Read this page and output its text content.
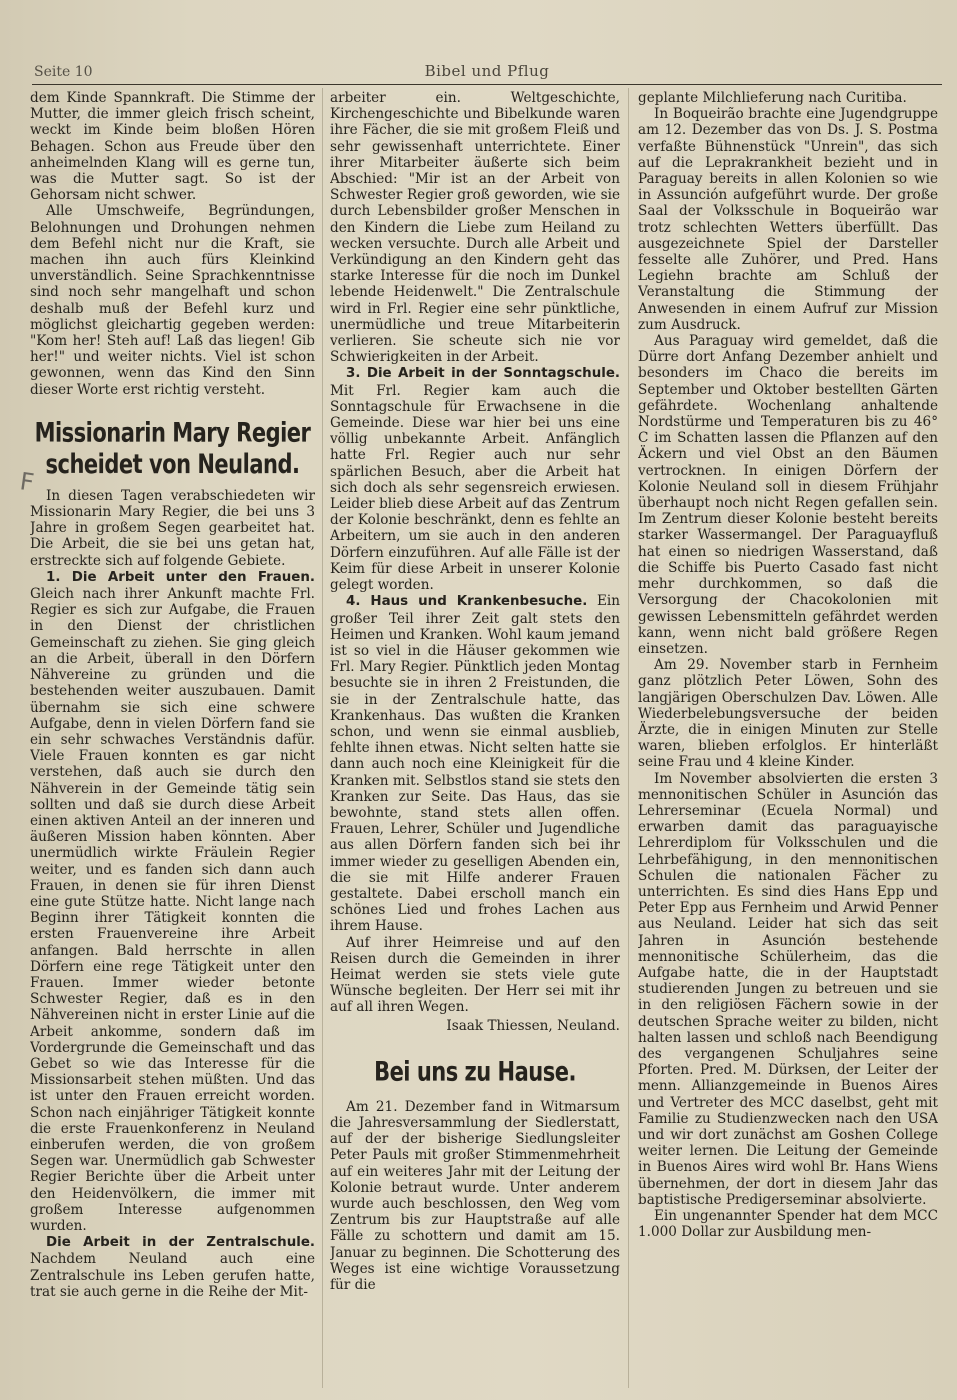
Seite 10	Bibel und Pflug
F

dem Kinde Spannkraft. Die Stimme der Mutter, die immer gleich frisch scheint, weckt im Kinde beim bloßen Hören Behagen. Schon aus Freude über den anheimelnden Klang will es gerne tun, was die Mutter sagt. So ist der Gehorsam nicht schwer.

Alle Umschweife, Begründungen, Belohnungen und Drohungen nehmen dem Befehl nicht nur die Kraft, sie machen ihn auch fürs Kleinkind unverständlich. Seine Sprachkenntnisse sind noch sehr mangelhaft und schon deshalb muß der Befehl kurz und möglichst gleichartig gegeben werden: "Kom her! Steh auf! Laß das liegen! Gib her!" und weiter nichts. Viel ist schon gewonnen, wenn das Kind den Sinn dieser Worte erst richtig versteht.

Missionarin Mary Regier scheidet von Neuland.

In diesen Tagen verabschiedeten wir Missionarin Mary Regier, die bei uns 3 Jahre in großem Segen gearbeitet hat. Die Arbeit, die sie bei uns getan hat, erstreckte sich auf folgende Gebiete.

1. Die Arbeit unter den Frauen. Gleich nach ihrer Ankunft machte Frl. Regier es sich zur Aufgabe, die Frauen in den Dienst der christlichen Gemeinschaft zu ziehen. Sie ging gleich an die Arbeit, überall in den Dörfern Nähvereine zu gründen und die bestehenden weiter auszubauen. Damit übernahm sie sich eine schwere Aufgabe, denn in vielen Dörfern fand sie ein sehr schwaches Verständnis dafür. Viele Frauen konnten es gar nicht verstehen, daß auch sie durch den Nähverein in der Gemeinde tätig sein sollten und daß sie durch diese Arbeit einen aktiven Anteil an der inneren und äußeren Mission haben könnten. Aber unermüdlich wirkte Fräulein Regier weiter, und es fanden sich dann auch Frauen, in denen sie für ihren Dienst eine gute Stütze hatte. Nicht lange nach Beginn ihrer Tätigkeit konnten die ersten Frauenvereine ihre Arbeit anfangen. Bald herrschte in allen Dörfern eine rege Tätigkeit unter den Frauen. Immer wieder betonte Schwester Regier, daß es in den Nähvereinen nicht in erster Linie auf die Arbeit ankomme, sondern daß im Vordergrunde die Gemeinschaft und das Gebet so wie das Interesse für die Missionsarbeit stehen müßten. Und das ist unter den Frauen erreicht worden. Schon nach einjähriger Tätigkeit konnte die erste Frauenkonferenz in Neuland einberufen werden, die von großem Segen war. Unermüdlich gab Schwester Regier Berichte über die Arbeit unter den Heidenvölkern, die immer mit großem Interesse aufgenommen wurden.

Die Arbeit in der Zentralschule. Nachdem Neuland auch eine Zentralschule ins Leben gerufen hatte, trat sie auch gerne in die Reihe der Mit-

arbeiter ein. Weltgeschichte, Kirchengeschichte und Bibelkunde waren ihre Fächer, die sie mit großem Fleiß und sehr gewissenhaft unterrichtete. Einer ihrer Mitarbeiter äußerte sich beim Abschied: "Mir ist an der Arbeit von Schwester Regier groß geworden, wie sie durch Lebensbilder großer Menschen in den Kindern die Liebe zum Heiland zu wecken versuchte. Durch alle Arbeit und Verkündigung an den Kindern geht das starke Interesse für die noch im Dunkel lebende Heidenwelt." Die Zentralschule wird in Frl. Regier eine sehr pünktliche, unermüdliche und treue Mitarbeiterin verlieren. Sie scheute sich nie vor Schwierigkeiten in der Arbeit.

3. Die Arbeit in der Sonntagschule. Mit Frl. Regier kam auch die Sonntagschule für Erwachsene in die Gemeinde. Diese war hier bei uns eine völlig unbekannte Arbeit. Anfänglich hatte Frl. Regier auch nur sehr spärlichen Besuch, aber die Arbeit hat sich doch als sehr segensreich erwiesen. Leider blieb diese Arbeit auf das Zentrum der Kolonie beschränkt, denn es fehlte an Arbeitern, um sie auch in den anderen Dörfern einzuführen. Auf alle Fälle ist der Keim für diese Arbeit in unserer Kolonie gelegt worden.

4. Haus und Krankenbesuche. Ein großer Teil ihrer Zeit galt stets den Heimen und Kranken. Wohl kaum jemand ist so viel in die Häuser gekommen wie Frl. Mary Regier. Pünktlich jeden Montag besuchte sie in ihren 2 Freistunden, die sie in der Zentralschule hatte, das Krankenhaus. Das wußten die Kranken schon, und wenn sie einmal ausblieb, fehlte ihnen etwas. Nicht selten hatte sie dann auch noch eine Kleinigkeit für die Kranken mit. Selbstlos stand sie stets den Kranken zur Seite. Das Haus, das sie bewohnte, stand stets allen offen. Frauen, Lehrer, Schüler und Jugendliche aus allen Dörfern fanden sich bei ihr immer wieder zu geselligen Abenden ein, die sie mit Hilfe anderer Frauen gestaltete. Dabei erscholl manch ein schönes Lied und frohes Lachen aus ihrem Hause.

Auf ihrer Heimreise und auf den Reisen durch die Gemeinden in ihrer Heimat werden sie stets viele gute Wünsche begleiten. Der Herr sei mit ihr auf all ihren Wegen.

Isaak Thiessen, Neuland.
Bei uns zu Hause.

Am 21. Dezember fand in Witmarsum die Jahresversammlung der Siedlerstatt, auf der der bisherige Siedlungsleiter Peter Pauls mit großer Stimmenmehrheit auf ein weiteres Jahr mit der Leitung der Kolonie betraut wurde. Unter anderem wurde auch beschlossen, den Weg vom Zentrum bis zur Hauptstraße auf alle Fälle zu schottern und damit am 15. Januar zu beginnen. Die Schotterung des Weges ist eine wichtige Voraussetzung für die

geplante Milchlieferung nach Curitiba.

In Boqueirão brachte eine Jugendgruppe am 12. Dezember das von Ds. J. S. Postma verfaßte Bühnenstück "Unrein", das sich auf die Leprakrankheit bezieht und in Paraguay bereits in allen Kolonien so wie in Assunción aufgeführt wurde. Der große Saal der Volksschule in Boqueirão war trotz schlechten Wetters überfüllt. Das ausgezeichnete Spiel der Darsteller fesselte alle Zuhörer, und Pred. Hans Legiehn brachte am Schluß der Veranstaltung die Stimmung der Anwesenden in einem Aufruf zur Mission zum Ausdruck.

Aus Paraguay wird gemeldet, daß die Dürre dort Anfang Dezember anhielt und besonders im Chaco die bereits im September und Oktober bestellten Gärten gefährdete. Wochenlang anhaltende Nordstürme und Temperaturen bis zu 46° C im Schatten lassen die Pflanzen auf den Äckern und viel Obst an den Bäumen vertrocknen. In einigen Dörfern der Kolonie Neuland soll in diesem Frühjahr überhaupt noch nicht Regen gefallen sein. Im Zentrum dieser Kolonie besteht bereits starker Wassermangel. Der Paraguayfluß hat einen so niedrigen Wasserstand, daß die Schiffe bis Puerto Casado fast nicht mehr durchkommen, so daß die Versorgung der Chacokolonien mit gewissen Lebensmitteln gefährdet werden kann, wenn nicht bald größere Regen einsetzen.

Am 29. November starb in Fernheim ganz plötzlich Peter Löwen, Sohn des langjärigen Oberschulzen Dav. Löwen. Alle Wiederbelebungsversuche der beiden Ärzte, die in einigen Minuten zur Stelle waren, blieben erfolglos. Er hinterläßt seine Frau und 4 kleine Kinder.

Im November absolvierten die ersten 3 mennonitischen Schüler in Asunción das Lehrerseminar (Ecuela Normal) und erwarben damit das paraguayische Lehrerdiplom für Volksschulen und die Lehrbefähigung, in den mennonitischen Schulen die nationalen Fächer zu unterrichten. Es sind dies Hans Epp und Peter Epp aus Fernheim und Arwid Penner aus Neuland. Leider hat sich das seit Jahren in Asunción bestehende mennonitische Schülerheim, das die Aufgabe hatte, die in der Hauptstadt studierenden Jungen zu betreuen und sie in den religiösen Fächern sowie in der deutschen Sprache weiter zu bilden, nicht halten lassen und schloß nach Beendigung des vergangenen Schuljahres seine Pforten. Pred. M. Dürksen, der Leiter der menn. Allianzgemeinde in Buenos Aires und Vertreter des MCC daselbst, geht mit Familie zu Studienzwecken nach den USA und wir dort zunächst am Goshen College weiter lernen. Die Leitung der Gemeinde in Buenos Aires wird wohl Br. Hans Wiens übernehmen, der dort in diesem Jahr das baptistische Predigerseminar absolvierte.

Ein ungenannter Spender hat dem MCC 1.000 Dollar zur Ausbildung men-
